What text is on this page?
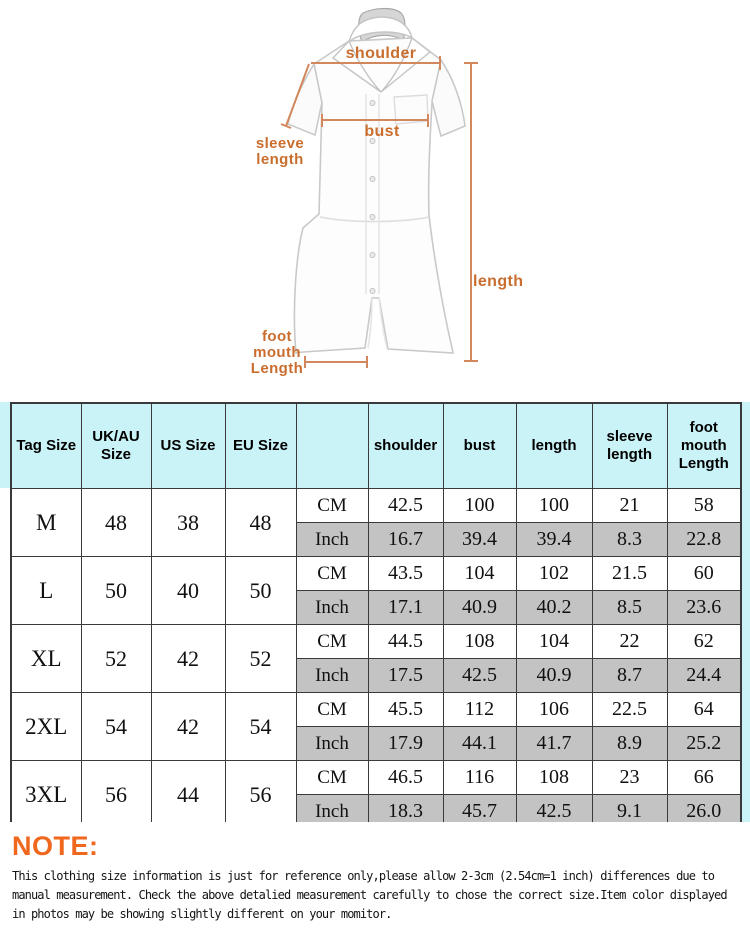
shoulder
bust
length
sleeve
length
foot
mouth
Length
Tag Size	UK/AU Size	US Size	EU Size		shoulder	bust	length	sleeve length	foot mouth Length
M	48	38	48	CM	42.5	100	100	21	58
				Inch	16.7	39.4	39.4	8.3	22.8
L	50	40	50	CM	43.5	104	102	21.5	60
				Inch	17.1	40.9	40.2	8.5	23.6
XL	52	42	52	CM	44.5	108	104	22	62
				Inch	17.5	42.5	40.9	8.7	24.4
2XL	54	42	54	CM	45.5	112	106	22.5	64
				Inch	17.9	44.1	41.7	8.9	25.2
3XL	56	44	56	CM	46.5	116	108	23	66
				Inch	18.3	45.7	42.5	9.1	26.0
NOTE:
This clothing size information is just for reference only,please allow 2-3cm (2.54cm=1 inch) differences due to
manual measurement. Check the above detalied measurement carefully to chose the correct size.Item color displayed
in photos may be showing slightly different on your momitor.
